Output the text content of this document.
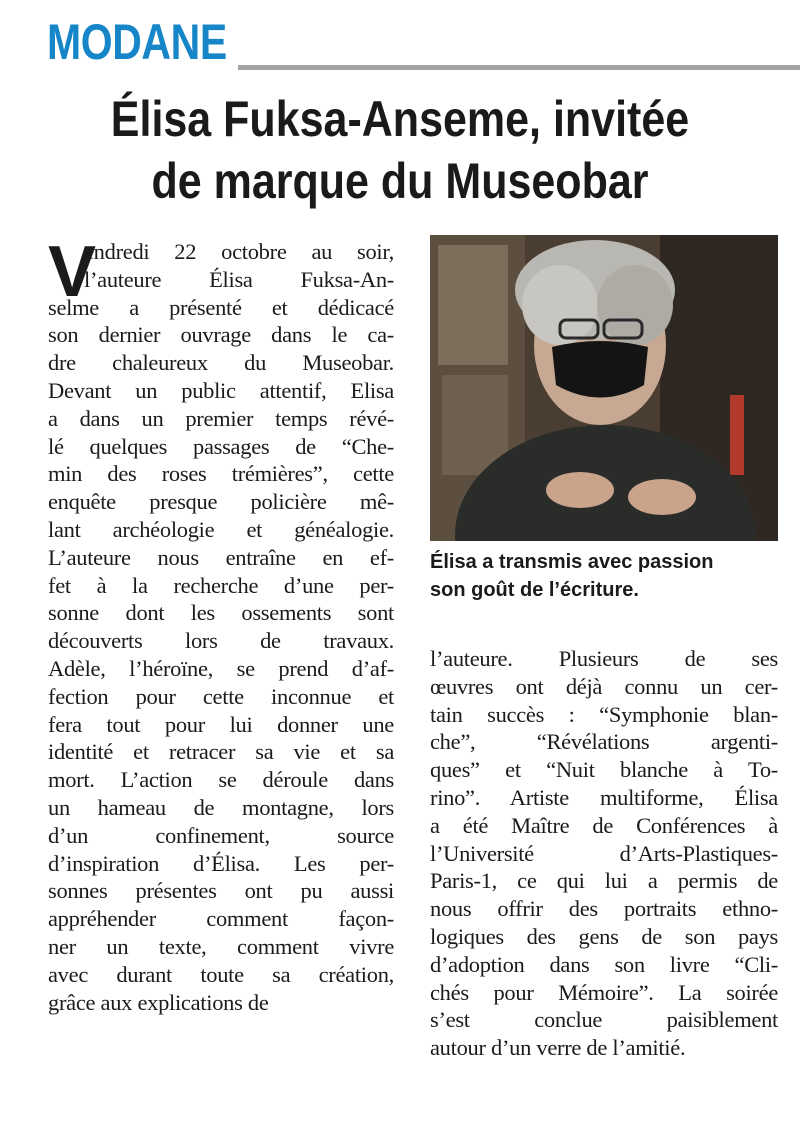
MODANE
Élisa Fuksa-Anseme, invitée
de marque du Museobar
V
endredi 22 octobre au soir,
l’auteure Élisa Fuksa-An-
selme a présenté et dédicacé
son dernier ouvrage dans le ca-
dre chaleureux du Museobar.
Devant un public attentif, Elisa
a dans un premier temps révé-
lé quelques passages de “Che-
min des roses trémières”, cette
enquête presque policière mê-
lant archéologie et généalogie.
L’auteure nous entraîne en ef-
fet à la recherche d’une per-
sonne dont les ossements sont
découverts lors de travaux.
Adèle, l’héroïne, se prend d’af-
fection pour cette inconnue et
fera tout pour lui donner une
identité et retracer sa vie et sa
mort. L’action se déroule dans
un hameau de montagne, lors
d’un confinement, source
d’inspiration d’Élisa. Les per-
sonnes présentes ont pu aussi
appréhender comment façon-
ner un texte, comment vivre
avec durant toute sa création,
grâce aux explications de

Élisa a transmis avec passion
son goût de l’écriture.

l’auteure. Plusieurs de ses
œuvres ont déjà connu un cer-
tain succès : “Symphonie blan-
che”, “Révélations argenti-
ques” et “Nuit blanche à To-
rino”. Artiste multiforme, Élisa
a été Maître de Conférences à
l’Université d’Arts-Plastiques-
Paris-1, ce qui lui a permis de
nous offrir des portraits ethno-
logiques des gens de son pays
d’adoption dans son livre “Cli-
chés pour Mémoire”. La soirée
s’est conclue paisiblement
autour d’un verre de l’amitié.
